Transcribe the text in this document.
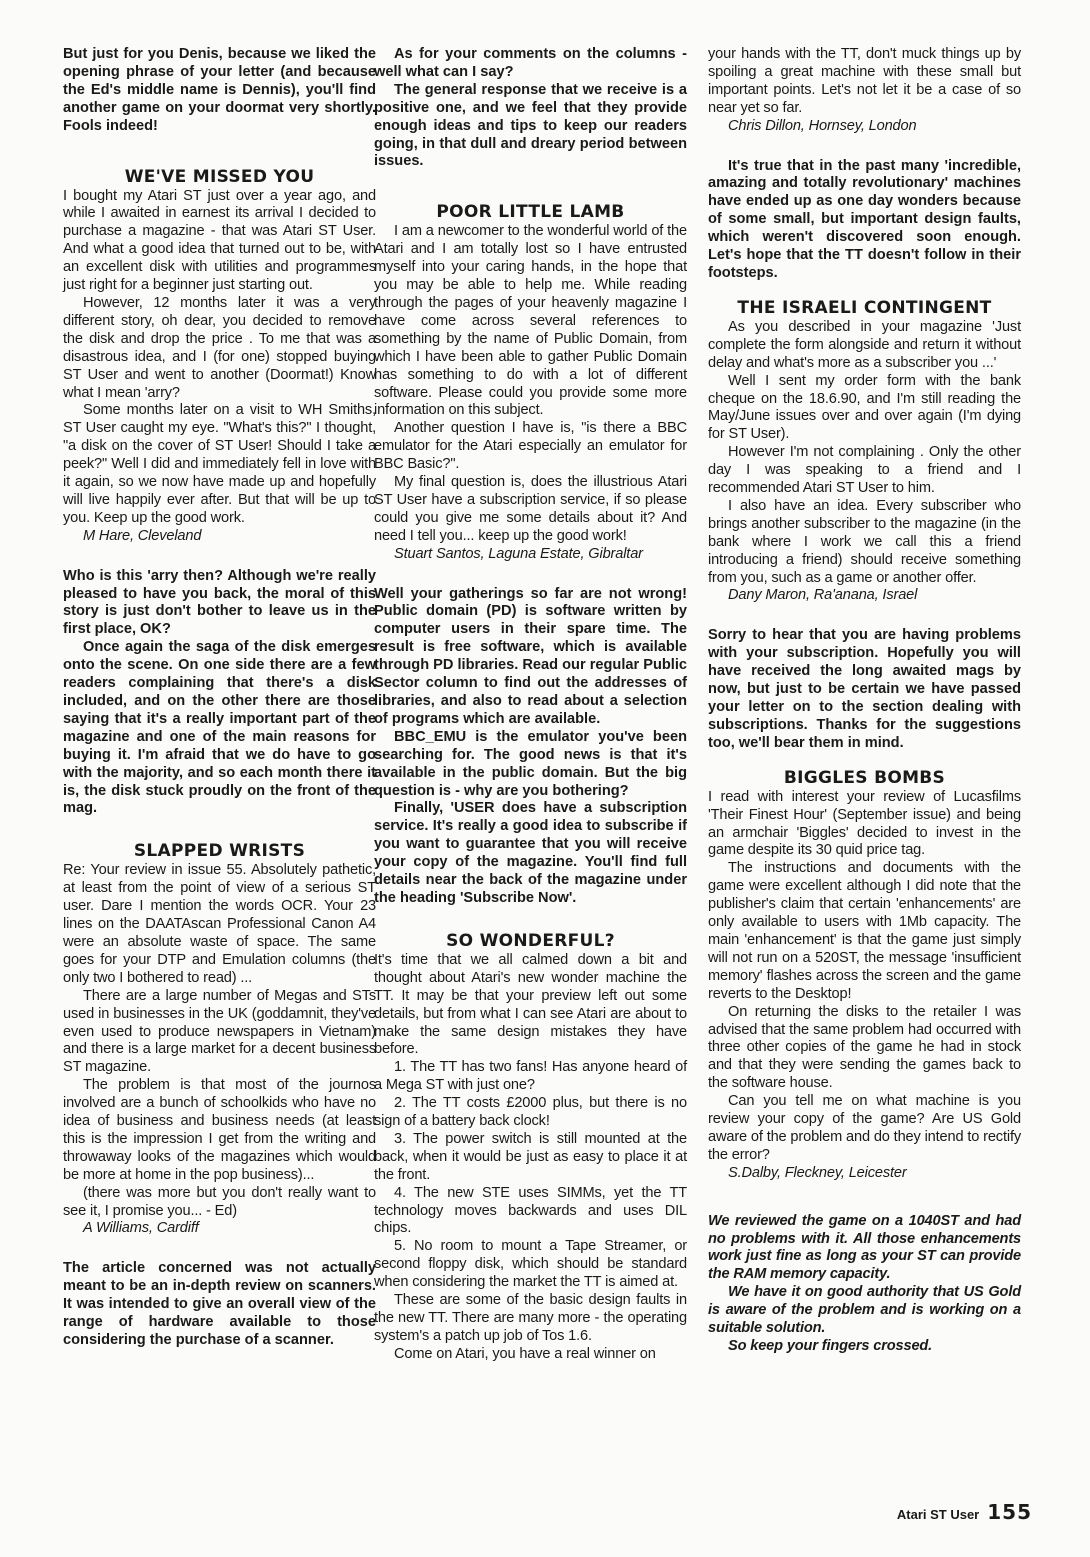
But just for you Denis, because we liked the opening phrase of your letter (and because the Ed's middle name is Dennis), you'll find another game on your doormat very shortly. Fools indeed!

WE'VE MISSED YOU

I bought my Atari ST just over a year ago, and while I awaited in earnest its arrival I decided to purchase a magazine - that was Atari ST User. And what a good idea that turned out to be, with an excellent disk with utilities and programmes just right for a beginner just starting out.

However, 12 months later it was a very different story, oh dear, you decided to remove the disk and drop the price . To me that was a disastrous idea, and I (for one) stopped buying ST User and went to another (Doormat!) Know what I mean 'arry?

Some months later on a visit to WH Smiths, ST User caught my eye. "What's this?" I thought, "a disk on the cover of ST User! Should I take a peek?" Well I did and immediately fell in love with it again, so we now have made up and hopefully will live happily ever after. But that will be up to you. Keep up the good work.

M Hare, Cleveland

Who is this 'arry then? Although we're really pleased to have you back, the moral of this story is just don't bother to leave us in the first place, OK?

Once again the saga of the disk emerges onto the scene. On one side there are a few readers complaining that there's a disk included, and on the other there are those saying that it's a really important part of the magazine and one of the main reasons for buying it. I'm afraid that we do have to go with the majority, and so each month there it is, the disk stuck proudly on the front of the mag.

SLAPPED WRISTS

Re: Your review in issue 55. Absolutely pathetic, at least from the point of view of a serious ST user. Dare I mention the words OCR. Your 23 lines on the DAATAscan Professional Canon A4 were an absolute waste of space. The same goes for your DTP and Emulation columns (the only two I bothered to read) ...

There are a large number of Megas and STs used in businesses in the UK (goddamnit, they've even used to produce newspapers in Vietnam) and there is a large market for a decent business ST magazine.

The problem is that most of the journos involved are a bunch of schoolkids who have no idea of business and business needs (at least this is the impression I get from the writing and throwaway looks of the magazines which would be more at home in the pop business)...

(there was more but you don't really want to see it, I promise you... - Ed)

A Williams, Cardiff

The article concerned was not actually meant to be an in-depth review on scanners. It was intended to give an overall view of the range of hardware available to those considering the purchase of a scanner.

As for your comments on the columns - well what can I say?

The general response that we receive is a positive one, and we feel that they provide enough ideas and tips to keep our readers going, in that dull and dreary period between issues.

POOR LITTLE LAMB

I am a newcomer to the wonderful world of the Atari and I am totally lost so I have entrusted myself into your caring hands, in the hope that you may be able to help me. While reading through the pages of your heavenly magazine I have come across several references to something by the name of Public Domain, from which I have been able to gather Public Domain has something to do with a lot of different software. Please could you provide some more information on this subject.

Another question I have is, "is there a BBC emulator for the Atari especially an emulator for BBC Basic?".

My final question is, does the illustrious Atari ST User have a subscription service, if so please could you give me some details about it? And need I tell you... keep up the good work!

Stuart Santos, Laguna Estate, Gibraltar

Well your gatherings so far are not wrong! Public domain (PD) is software written by computer users in their spare time. The result is free software, which is available through PD libraries. Read our regular Public Sector column to find out the addresses of libraries, and also to read about a selection of programs which are available.

BBC_EMU is the emulator you've been searching for. The good news is that it's available in the public domain. But the big question is - why are you bothering?

Finally, 'USER does have a subscription service. It's really a good idea to subscribe if you want to guarantee that you will receive your copy of the magazine. You'll find full details near the back of the magazine under the heading 'Subscribe Now'.

SO WONDERFUL?

It's time that we all calmed down a bit and thought about Atari's new wonder machine the TT. It may be that your preview left out some details, but from what I can see Atari are about to make the same design mistakes they have before.

1. The TT has two fans! Has anyone heard of a Mega ST with just one?

2. The TT costs £2000 plus, but there is no sign of a battery back clock!

3. The power switch is still mounted at the back, when it would be just as easy to place it at the front.

4. The new STE uses SIMMs, yet the TT technology moves backwards and uses DIL chips.

5. No room to mount a Tape Streamer, or second floppy disk, which should be standard when considering the market the TT is aimed at.

These are some of the basic design faults in the new TT. There are many more - the operating system's a patch up job of Tos 1.6.

Come on Atari, you have a real winner on

your hands with the TT, don't muck things up by spoiling a great machine with these small but important points. Let's not let it be a case of so near yet so far.

Chris Dillon, Hornsey, London

It's true that in the past many 'incredible, amazing and totally revolutionary' machines have ended up as one day wonders because of some small, but important design faults, which weren't discovered soon enough. Let's hope that the TT doesn't follow in their footsteps.

THE ISRAELI CONTINGENT

As you described in your magazine 'Just complete the form alongside and return it without delay and what's more as a subscriber you ...'

Well I sent my order form with the bank cheque on the 18.6.90, and I'm still reading the May/June issues over and over again (I'm dying for ST User).

However I'm not complaining . Only the other day I was speaking to a friend and I recommended Atari ST User to him.

I also have an idea. Every subscriber who brings another subscriber to the magazine (in the bank where I work we call this a friend introducing a friend) should receive something from you, such as a game or another offer.

Dany Maron, Ra'anana, Israel

Sorry to hear that you are having problems with your subscription. Hopefully you will have received the long awaited mags by now, but just to be certain we have passed your letter on to the section dealing with subscriptions. Thanks for the suggestions too, we'll bear them in mind.

BIGGLES BOMBS

I read with interest your review of Lucasfilms 'Their Finest Hour' (September issue) and being an armchair 'Biggles' decided to invest in the game despite its 30 quid price tag.

The instructions and documents with the game were excellent although I did note that the publisher's claim that certain 'enhancements' are only available to users with 1Mb capacity. The main 'enhancement' is that the game just simply will not run on a 520ST, the message 'insufficient memory' flashes across the screen and the game reverts to the Desktop!

On returning the disks to the retailer I was advised that the same problem had occurred with three other copies of the game he had in stock and that they were sending the games back to the software house.

Can you tell me on what machine is you review your copy of the game? Are US Gold aware of the problem and do they intend to rectify the error?

S.Dalby, Fleckney, Leicester

We reviewed the game on a 1040ST and had no problems with it. All those enhancements work just fine as long as your ST can provide the RAM memory capacity.

We have it on good authority that US Gold is aware of the problem and is working on a suitable solution.

So keep your fingers crossed.

Atari ST User 155
